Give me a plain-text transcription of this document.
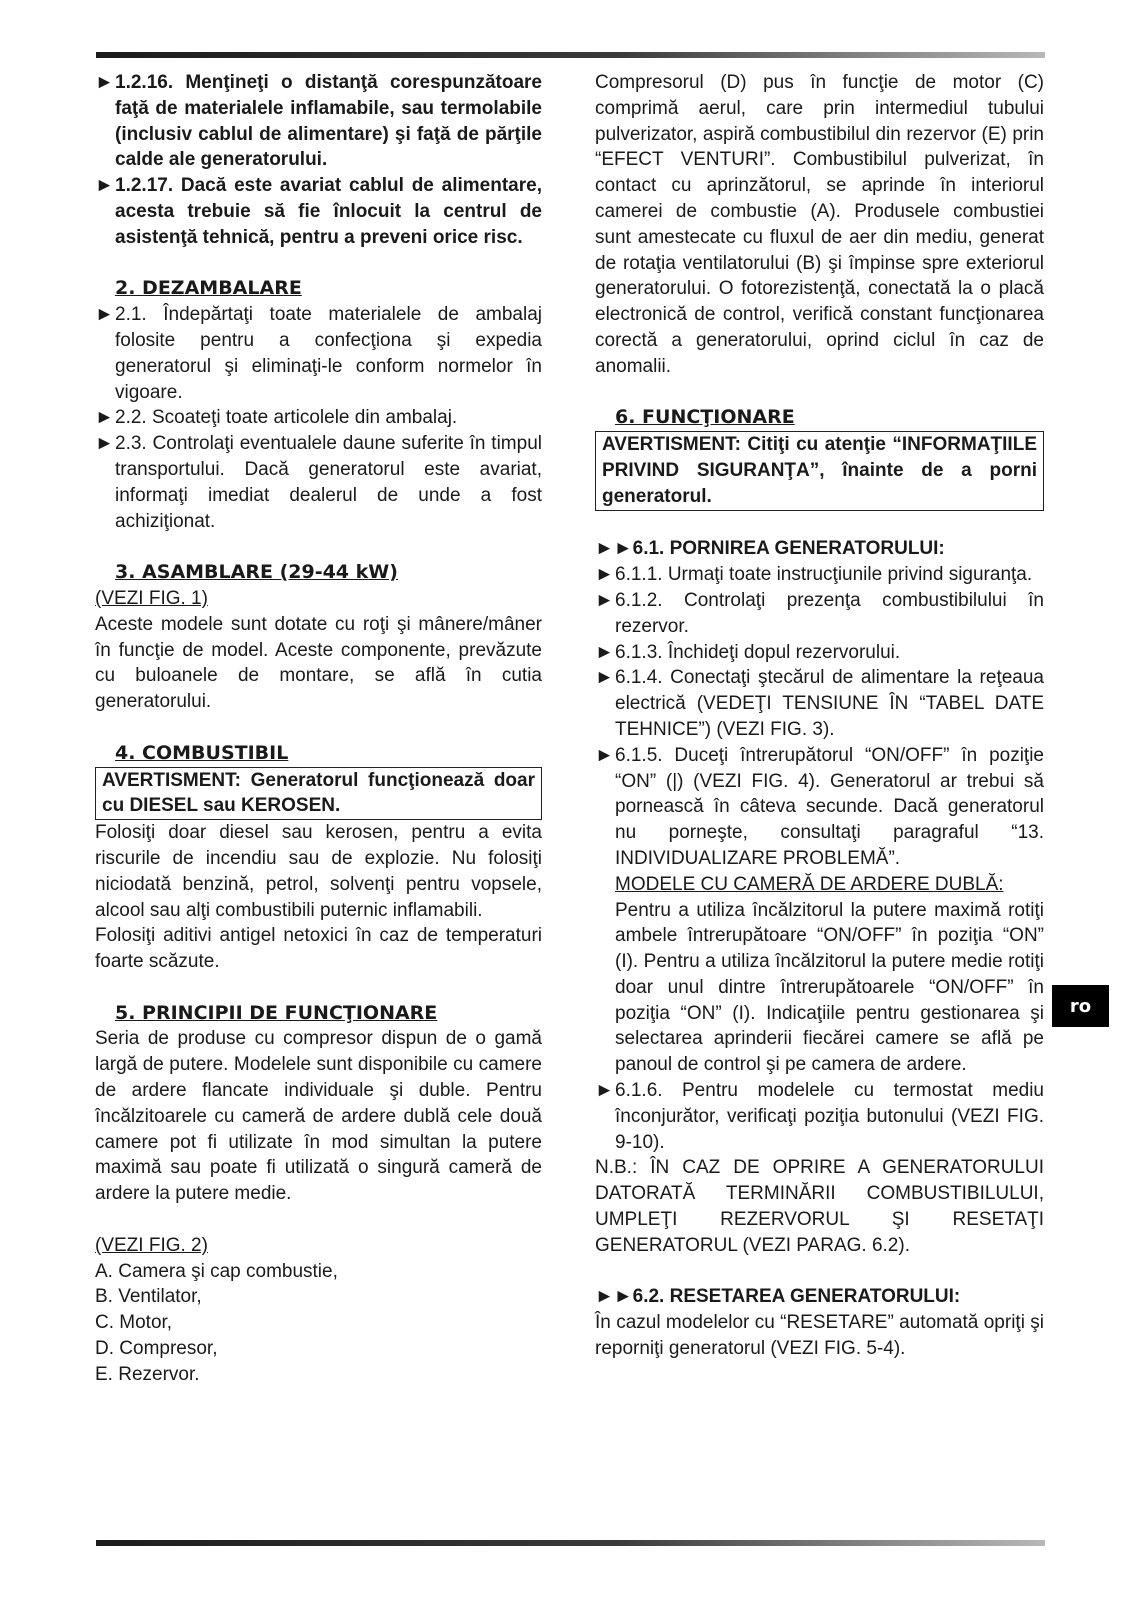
► 1.2.16. Menţineţi o distanţă corespunzătoare faţă de materialele inflamabile, sau termolabile (inclusiv cablul de alimentare) şi faţă de părţile calde ale generatorului.
► 1.2.17. Dacă este avariat cablul de alimentare, acesta trebuie să fie înlocuit la centrul de asistenţă tehnică, pentru a preveni orice risc.
2. DEZAMBALARE
► 2.1. Îndepărtaţi toate materialele de ambalaj folosite pentru a confecţiona şi expedia generatorul şi eliminaţi-le conform normelor în vigoare.
► 2.2. Scoateţi toate articolele din ambalaj.
► 2.3. Controlaţi eventualele daune suferite în timpul transportului. Dacă generatorul este avariat, informaţi imediat dealerul de unde a fost achiziţionat.
3. ASAMBLARE (29-44 kW)

(VEZI FIG. 1)

Aceste modele sunt dotate cu roţi şi mânere/mâner în funcţie de model. Aceste componente, prevăzute cu buloanele de montare, se află în cutia generatorului.

4. COMBUSTIBIL
AVERTISMENT: Generatorul funcţionează doar cu DIESEL sau KEROSEN.

Folosiţi doar diesel sau kerosen, pentru a evita riscurile de incendiu sau de explozie. Nu folosiţi niciodată benzină, petrol, solvenţi pentru vopsele, alcool sau alţi combustibili puternic inflamabili.

Folosiţi aditivi antigel netoxici în caz de temperaturi foarte scăzute.

5. PRINCIPII DE FUNCŢIONARE

Seria de produse cu compresor dispun de o gamă largă de putere. Modelele sunt disponibile cu camere de ardere flancate individuale şi duble. Pentru încălzitoarele cu cameră de ardere dublă cele două camere pot fi utilizate în mod simultan la putere maximă sau poate fi utilizată o singură cameră de ardere la putere medie.

(VEZI FIG. 2)

A. Camera şi cap combustie,

B. Ventilator,

C. Motor,

D. Compresor,

E. Rezervor.

Compresorul (D) pus în funcţie de motor (C) comprimă aerul, care prin intermediul tubului pulverizator, aspiră combustibilul din rezervor (E) prin “EFECT VENTURI”. Combustibilul pulverizat, în contact cu aprinzătorul, se aprinde în interiorul camerei de combustie (A). Produsele combustiei sunt amestecate cu fluxul de aer din mediu, generat de rotaţia ventilatorului (B) şi împinse spre exteriorul generatorului. O fotorezistenţă, conectată la o placă electronică de control, verifică constant funcţionarea corectă a generatorului, oprind ciclul în caz de anomalii.

6. FUNCŢIONARE
AVERTISMENT: Citiţi cu atenţie “INFORMAŢIILE PRIVIND SIGURANŢA”, înainte de a porni generatorul.

►►6.1. PORNIREA GENERATORULUI:

► 6.1.1. Urmaţi toate instrucţiunile privind siguranţa.
► 6.1.2. Controlaţi prezenţa combustibilului în rezervor.
► 6.1.3. Închideţi dopul rezervorului.
► 6.1.4. Conectaţi ştecărul de alimentare la reţeaua electrică (VEDEŢI TENSIUNE ÎN “TABEL DATE TEHNICE”) (VEZI FIG. 3).
► 6.1.5. Duceţi întrerupătorul “ON/OFF” în poziţie “ON” (|) (VEZI FIG. 4). Generatorul ar trebui să pornească în câteva secunde. Dacă generatorul nu porneşte, consultaţi paragraful “13. INDIVIDUALIZARE PROBLEMĂ”.
MODELE CU CAMERĂ DE ARDERE DUBLĂ:
Pentru a utiliza încălzitorul la putere maximă rotiţi ambele întrerupătoare “ON/OFF” în poziţia “ON” (I). Pentru a utiliza încălzitorul la putere medie rotiţi doar unul dintre întrerupătoarele “ON/OFF” în poziţia “ON” (I). Indicaţiile pentru gestionarea şi selectarea aprinderii fiecărei camere se află pe panoul de control şi pe camera de ardere.
► 6.1.6. Pentru modelele cu termostat mediu înconjurător, verificaţi poziţia butonului (VEZI FIG. 9-10).

N.B.: ÎN CAZ DE OPRIRE A GENERATORULUI DATORATĂ TERMINĂRII COMBUSTIBILULUI, UMPLEŢI REZERVORUL ŞI RESETAŢI GENERATORUL (VEZI PARAG. 6.2).

►►6.2. RESETAREA GENERATORULUI:

În cazul modelelor cu “RESETARE” automată opriţi şi reporniţi generatorul (VEZI FIG. 5-4).

ro
